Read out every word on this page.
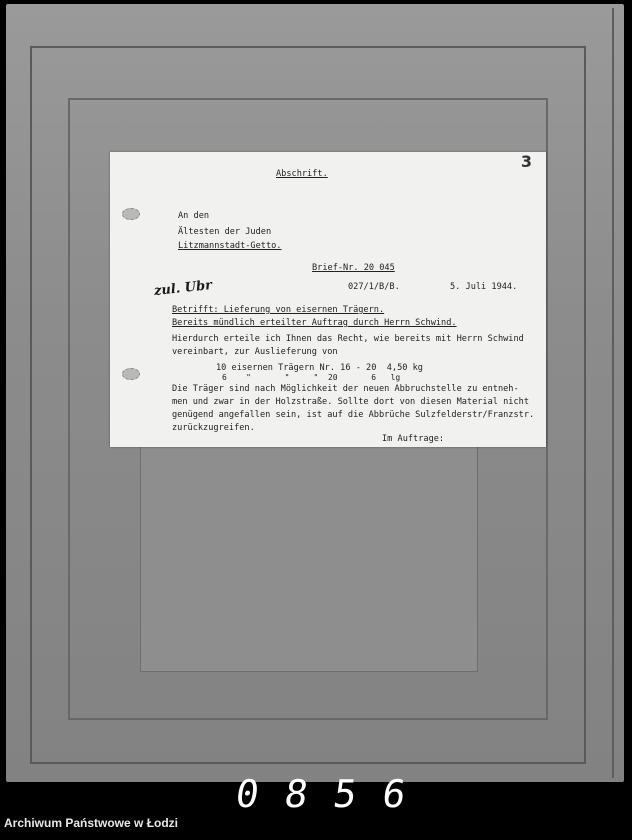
3
Abschrift.
An den
Ältesten der Juden
Litzmannstadt-Getto.
Brief-Nr. 20 045
zul. Ubr	027/1/B/B.	5. Juli 1944.
Betrifft: Lieferung von eisernen Trägern.
Bereits mündlich erteilter Auftrag durch Herrn Schwind.
Hierdurch erteile ich Ihnen das Recht, wie bereits mit Herrn Schwind
vereinbart, zur Auslieferung von
10 eisernen Trägern Nr. 16 - 20  4,50 kg
6    "       "     "  20       6   lg
Die Träger sind nach Möglichkeit der neuen Abbruchstelle zu entneh-
men und zwar in der Holzstraße. Sollte dort von diesen Material nicht
genügend angefallen sein, ist auf die Abbrüche Sulzfelderstr/Franzstr.
zurückzugreifen.
Im Auftrage:
0856
Archiwum Państwowe w Łodzi
